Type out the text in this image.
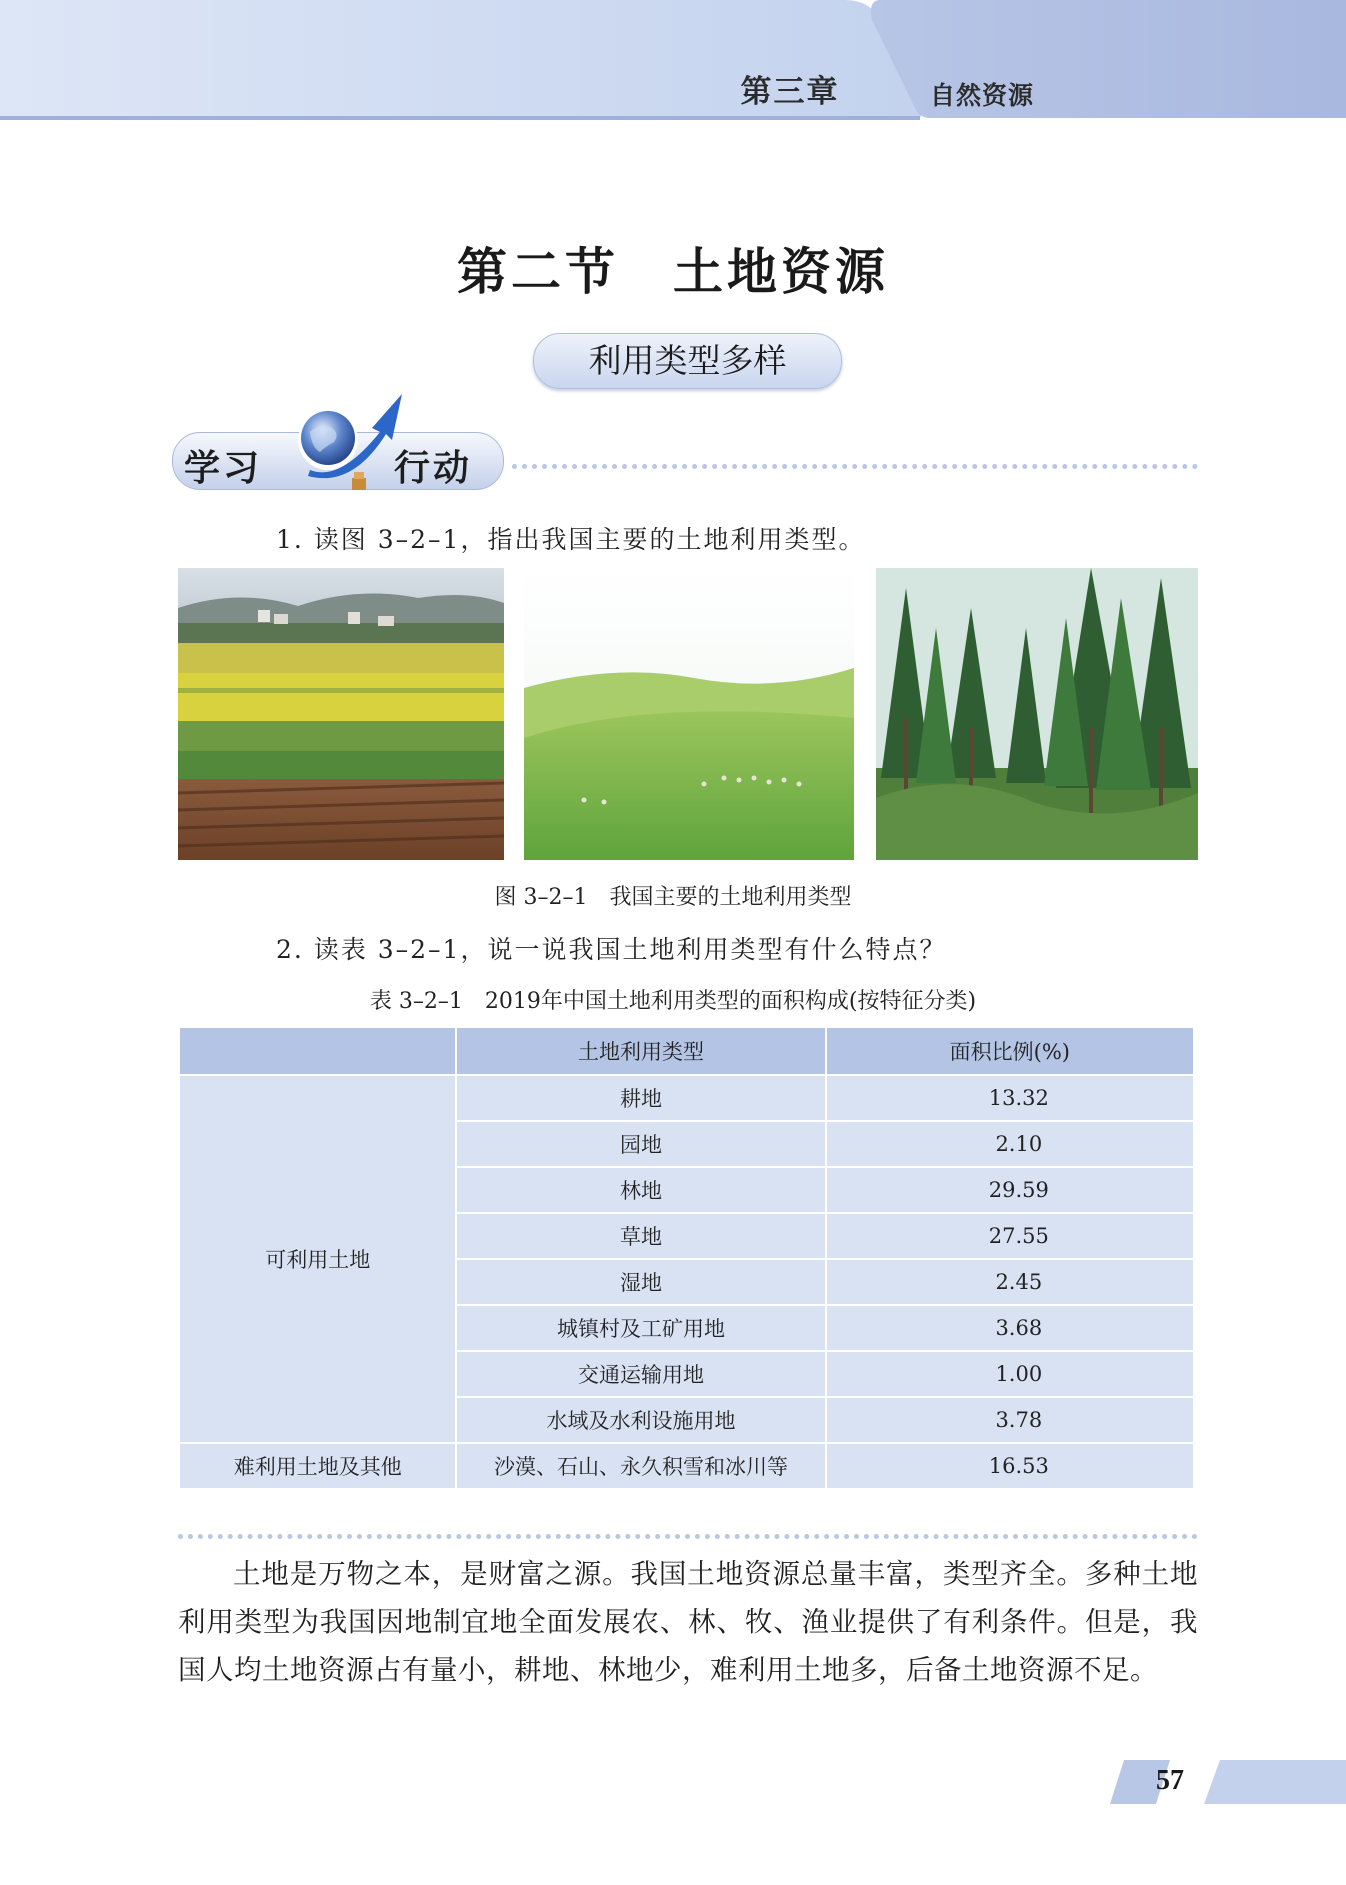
第三章	自然资源
第二节　土地资源
利用类型多样
学习	行动
1. 读图 3–2–1，指出我国主要的土地利用类型。
图 3–2–1　我国主要的土地利用类型
2. 读表 3–2–1，说一说我国土地利用类型有什么特点？
表 3–2–1　2019年中国土地利用类型的面积构成(按特征分类)
	土地利用类型	面积比例(%)
可利用土地	耕地	13.32
	园地	2.10
	林地	29.59
	草地	27.55
	湿地	2.45
	城镇村及工矿用地	3.68
	交通运输用地	1.00
	水域及水利设施用地	3.78
难利用土地及其他	沙漠、石山、永久积雪和冰川等	16.53

土地是万物之本，是财富之源。我国土地资源总量丰富，类型齐全。多种土地利用类型为我国因地制宜地全面发展农、林、牧、渔业提供了有利条件。但是，我国人均土地资源占有量小，耕地、林地少，难利用土地多，后备土地资源不足。

57
